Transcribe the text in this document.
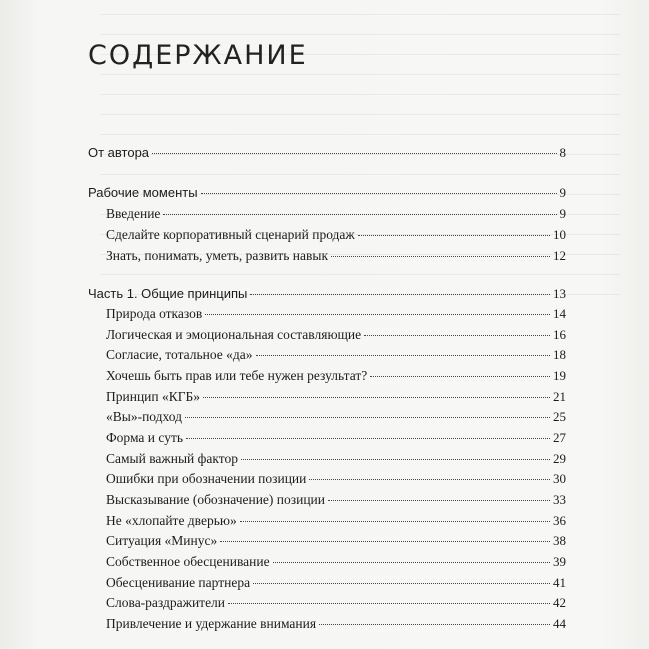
СОДЕРЖАНИЕ
От автора	8
Рабочие моменты	9
Введение	9
Сделайте корпоративный сценарий продаж	10
Знать, понимать, уметь, развить навык	12
Часть 1. Общие принципы	13
Природа отказов	14
Логическая и эмоциональная составляющие	16
Согласие, тотальное «да»	18
Хочешь быть прав или тебе нужен результат?	19
Принцип «КГБ»	21
«Вы»-подход	25
Форма и суть	27
Самый важный фактор	29
Ошибки при обозначении позиции	30
Высказывание (обозначение) позиции	33
Не «хлопайте дверью»	36
Ситуация «Минус»	38
Собственное обесценивание	39
Обесценивание партнера	41
Слова-раздражители	42
Привлечение и удержание внимания	44
